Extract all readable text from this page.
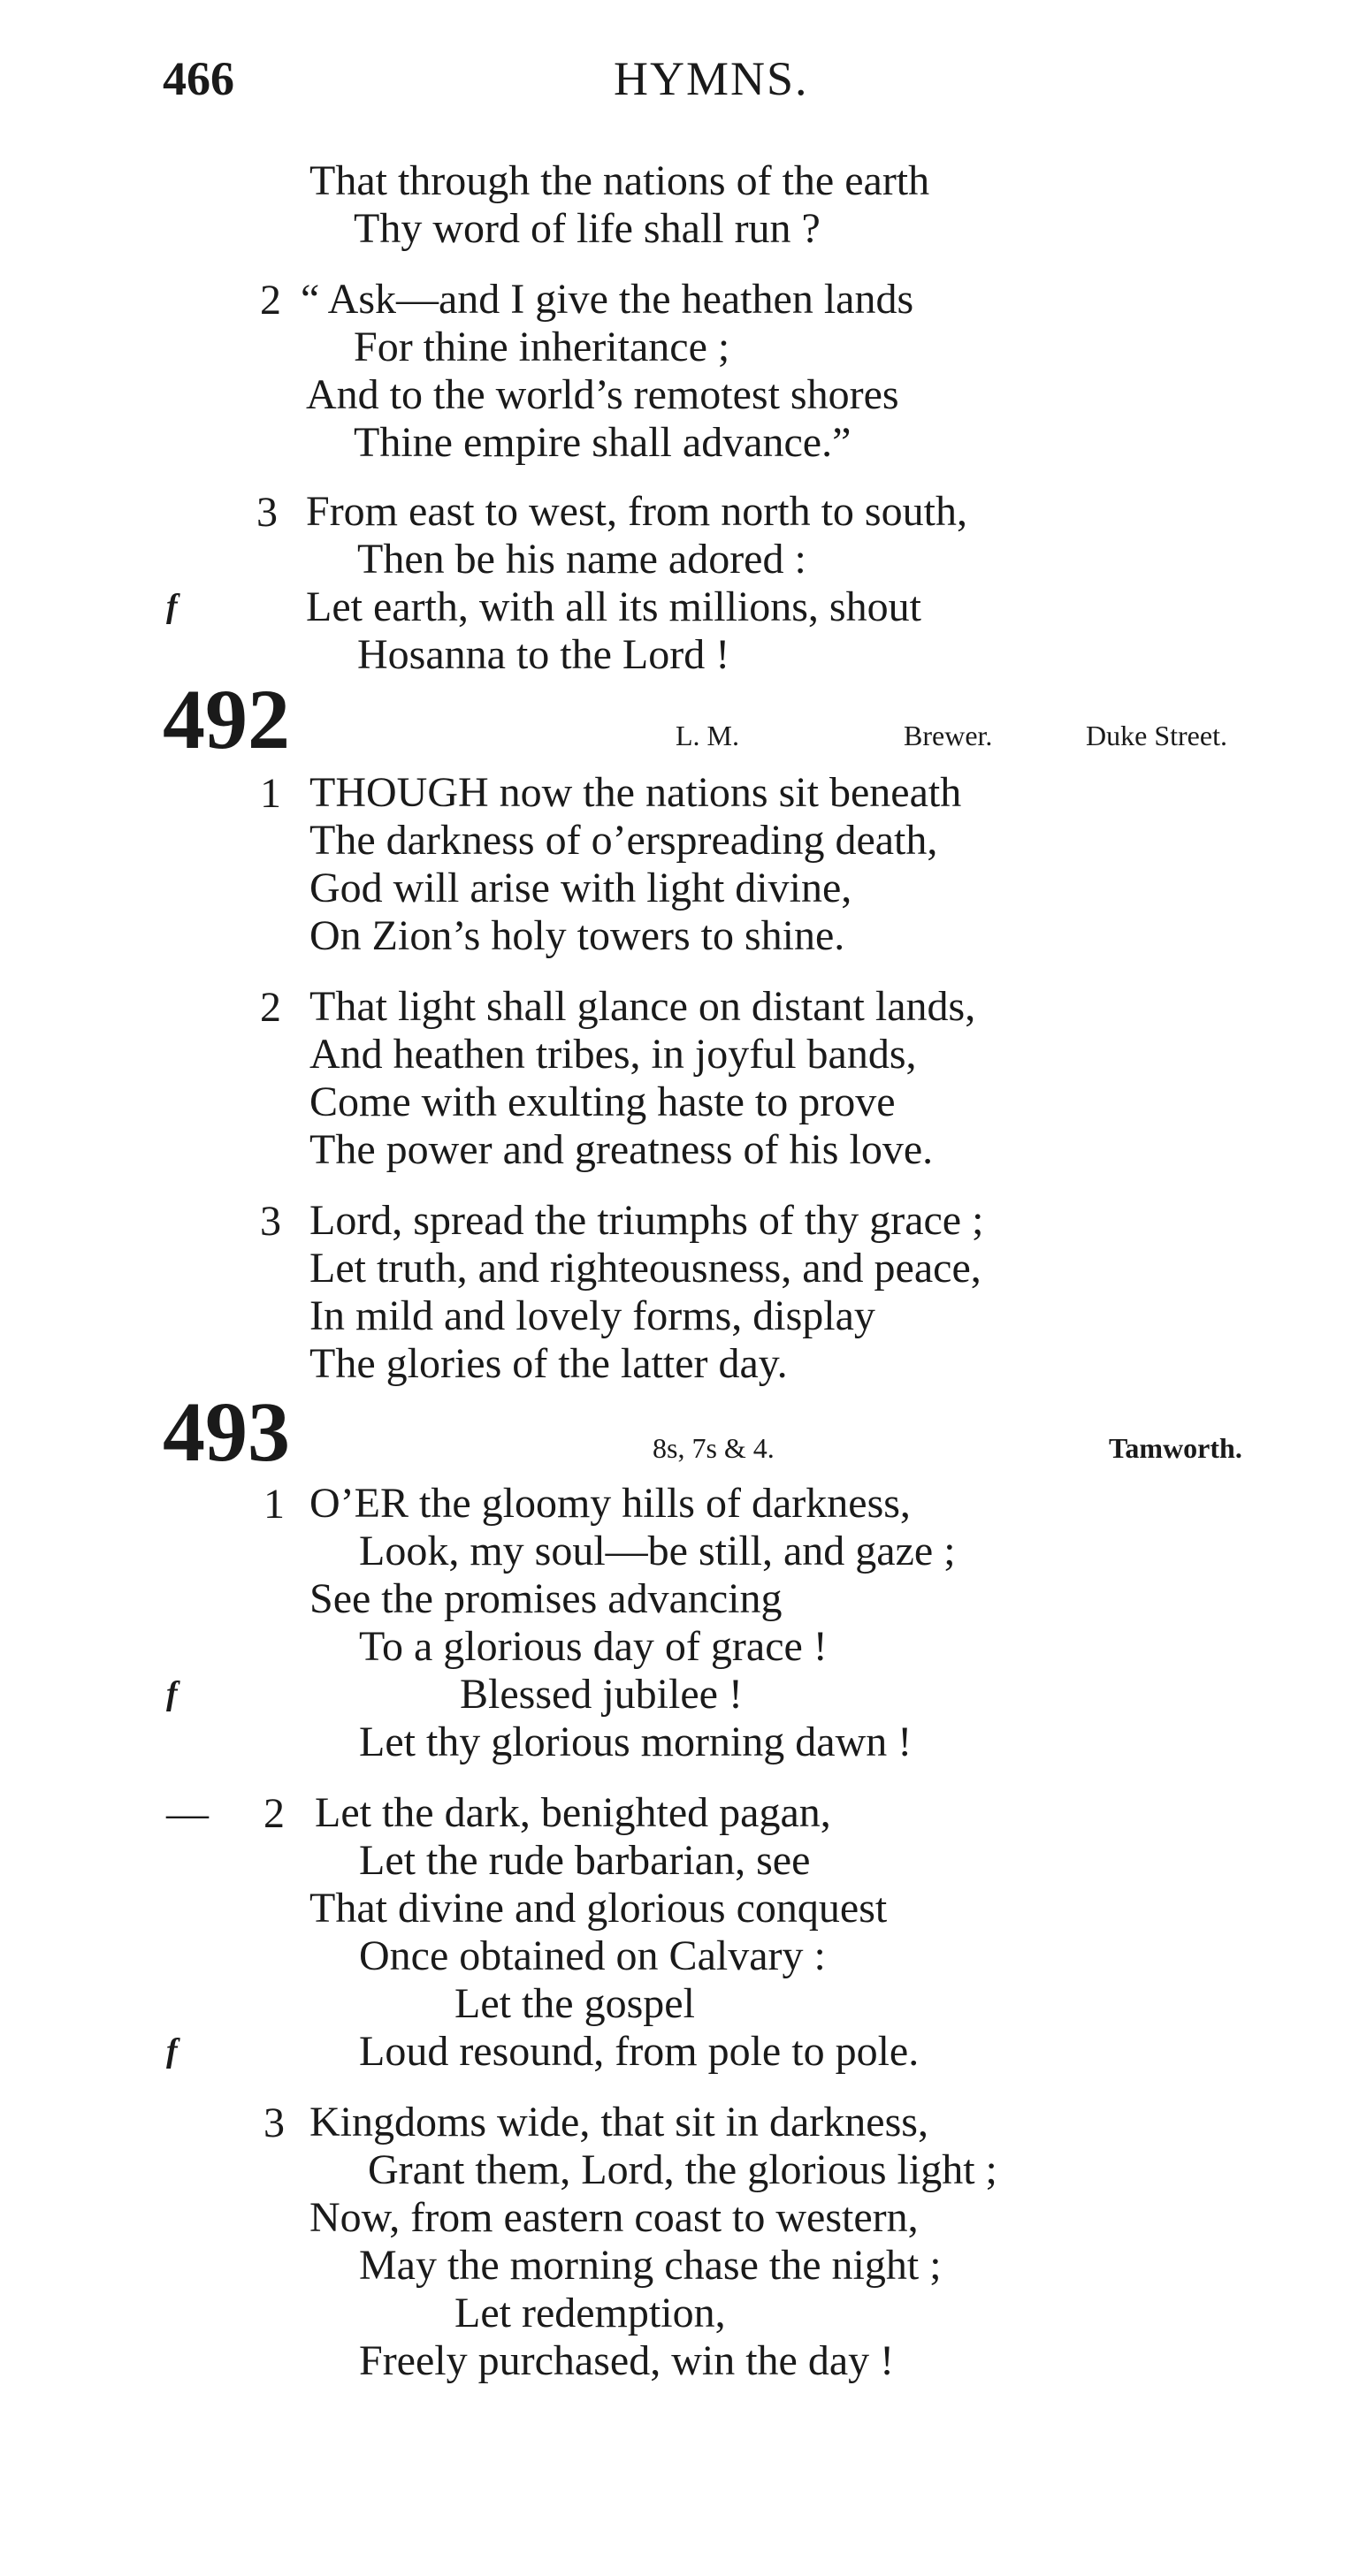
466	HYMNS.
That through the nations of the earth
Thy word of life shall run ?
2 “ Ask—and I give the heathen lands
For thine inheritance ;
And to the world’s remotest shores
Thine empire shall advance.”
3 From east to west, from north to south,
Then be his name adored :
f	Let earth, with all its millions, shout
Hosanna to the Lord !
492	L. M.	Brewer.	Duke Street.
1 THOUGH now the nations sit beneath
The darkness of o’erspreading death,
God will arise with light divine,
On Zion’s holy towers to shine.
2 That light shall glance on distant lands,
And heathen tribes, in joyful bands,
Come with exulting haste to prove
The power and greatness of his love.
3 Lord, spread the triumphs of thy grace ;
Let truth, and righteousness, and peace,
In mild and lovely forms, display
The glories of the latter day.
493	8s, 7s & 4.	Tamworth.
1 O’ER the gloomy hills of darkness,
Look, my soul—be still, and gaze ;
See the promises advancing
To a glorious day of grace !
f	Blessed jubilee !
Let thy glorious morning dawn !
— 2 Let the dark, benighted pagan,
Let the rude barbarian, see
That divine and glorious conquest
Once obtained on Calvary :
Let the gospel
f	Loud resound, from pole to pole.
3 Kingdoms wide, that sit in darkness,
Grant them, Lord, the glorious light ;
Now, from eastern coast to western,
May the morning chase the night ;
Let redemption,
Freely purchased, win the day !
